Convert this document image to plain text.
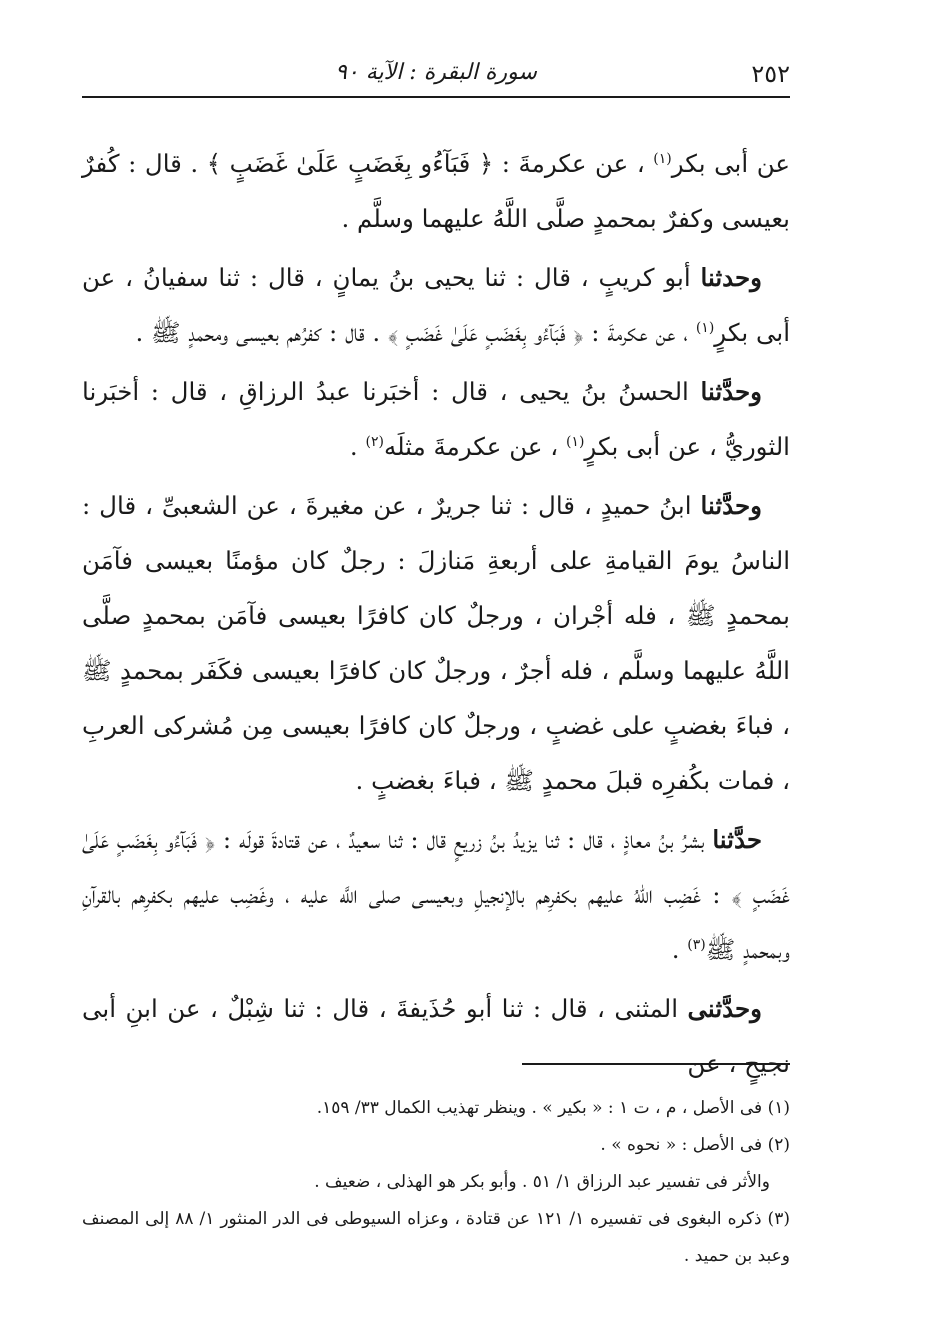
٢٥٢
سورة البقرة : الآية ٩٠

عن أبى بكر$^{(١)}$ ، عن عكرمةَ : ﴿ فَبَآءُو بِغَضَبٍ عَلَىٰ غَضَبٍ ﴾ . قال : كُفرٌ بعيسى وكفرٌ بمحمدٍ صلَّى اللَّهُ عليهما وسلَّم .

وحدثنا أبو كريبٍ ، قال : ثنا يحيى بنُ يمانٍ ، قال : ثنا سفيانُ ، عن أبى بكرٍ$^{(١)}$ ، عن عكرمةَ : ﴿ فَبَآءُو بِغَضَبٍ عَلَىٰ غَضَبٍ ﴾ . قال : كفرُهم بعيسى ومحمدٍ ﷺ .

وحدَّثنا الحسنُ بنُ يحيى ، قال : أخبَرنا عبدُ الرزاقِ ، قال : أخبَرنا الثوريُّ ، عن أبى بكرٍ$^{(١)}$ ، عن عكرمةَ مثلَه$^{(٢)}$ .

وحدَّثنا ابنُ حميدٍ ، قال : ثنا جريرٌ ، عن مغيرةَ ، عن الشعبىِّ ، قال : الناسُ يومَ القيامةِ على أربعةِ مَنازلَ : رجلٌ كان مؤمنًا بعيسى فآمَن بمحمدٍ ﷺ ، فله أجْران ، ورجلٌ كان كافرًا بعيسى فآمَن بمحمدٍ صلَّى اللَّهُ عليهما وسلَّم ، فله أجرٌ ، ورجلٌ كان كافرًا بعيسى فكَفَر بمحمدٍ ﷺ ، فباءَ بغضبٍ على غضبٍ ، ورجلٌ كان كافرًا بعيسى مِن مُشركى العربِ ، فمات بكُفرِه قبلَ محمدٍ ﷺ ، فباءَ بغضبٍ .

حدَّثنا بشرُ بنُ معاذٍ ، قال : ثنا يزيدُ بنُ زريعٍ قال : ثنا سعيدٌ ، عن قتادةَ قولَه : ﴿ فَبَآءُو بِغَضَبٍ عَلَىٰ غَضَبٍ ﴾ : غَضِب اللهُ عليهم بكفرِهم بالإنجيلِ وبعيسى صلى اللَّه عليه ، وغَضِب عليهم بكفرِهم بالقرآنِ وبمحمدٍ ﷺ$^{(٣)}$ .

وحدَّثنى المثنى ، قال : ثنا أبو حُذَيفةَ ، قال : ثنا شِبْلٌ ، عن ابنِ أبى نجيحٍ ، عن

(١) فى الأصل ، م ، ت ١ : « بكير » . وينظر تهذيب الكمال ٣٣/ ١٥٩.

(٢) فى الأصل : « نحوه » .

والأثر فى تفسير عبد الرزاق ١/ ٥١ . وأبو بكر هو الهذلى ، ضعيف .

(٣) ذكره البغوى فى تفسيره ١/ ١٢١ عن قتادة ، وعزاه السيوطى فى الدر المنثور ١/ ٨٨ إلى المصنف وعبد بن حميد .
